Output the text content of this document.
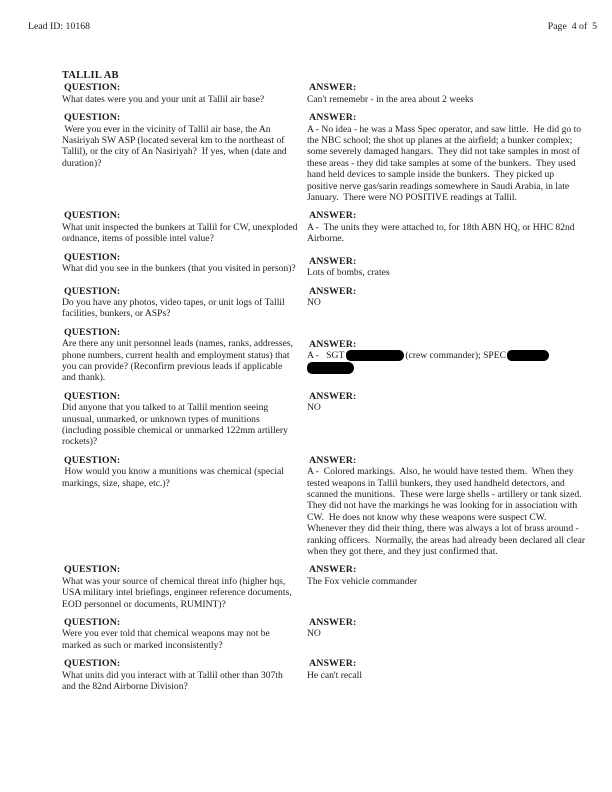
Lead ID: 10168	Page  4 of  5
TALLIL AB
QUESTION:
What dates were you and your unit at Tallil air base?
ANSWER:
Can't rememebr - in the area about 2 weeks
QUESTION:
Were you ever in the vicinity of Tallil air base, the An Nasiriyah SW ASP (located several km to the northeast of Tallil), or the city of An Nasiriyah?  If yes, when (date and duration)?
ANSWER:
A - No idea - he was a Mass Spec operator, and saw little.  He did go to the NBC school; the shot up planes at the airfield; a bunker complex; some severely damaged hangars.  They did not take samples in most of these areas - they did take samples at some of the bunkers.  They used hand held devices to sample inside the bunkers.  They picked up positive nerve gas/sarin readings somewhere in Saudi Arabia, in late January.  There were NO POSITIVE readings at Tallil.
QUESTION:
What unit inspected the bunkers at Tallil for CW, unexploded ordnance, items of possible intel value?
ANSWER:
A -  The units they were attached to, for 18th ABN HQ, or HHC 82nd Airborne.
QUESTION:
What did you see in the bunkers (that you visited in person)?
ANSWER:
Lots of bombs, crates
QUESTION:
Do you have any photos, video tapes, or unit logs of Tallil facilities, bunkers, or ASPs?
ANSWER:
NO
QUESTION:
Are there any unit personnel leads (names, ranks, addresses, phone numbers, current health and employment status) that you can provide? (Reconfirm previous leads if applicable and thank).
ANSWER:
A -   SGT	(crew commander); SPEC

QUESTION:
Did anyone that you talked to at Tallil mention seeing unusual, unmarked, or unknown types of munitions (including possible chemical or unmarked 122mm artillery rockets)?
ANSWER:
NO
QUESTION:
How would you know a munitions was chemical (special markings, size, shape, etc.)?
ANSWER:
A -  Colored markings.  Also, he would have tested them.  When they tested weapons in Tallil bunkers, they used handheld detectors, and scanned the munitions.  These were large shells - artillery or tank sized.  They did not have the markings he was looking for in association with CW.  He does not know why these weapons were suspect CW.  Whenever they did their thing, there was always a lot of brass around - ranking officers.  Normally, the areas had already been declared all clear when they got there, and they just confirmed that.
QUESTION:
What was your source of chemical threat info (higher hqs, USA military intel briefings, engineer reference documents, EOD personnel or documents, RUMINT)?
ANSWER:
The Fox vehicle commander
QUESTION:
Were you ever told that chemical weapons may not be marked as such or marked inconsistently?
ANSWER:
NO
QUESTION:
What units did you interact with at Tallil other than 307th and the 82nd Airborne Division?
ANSWER:
He can't recall
